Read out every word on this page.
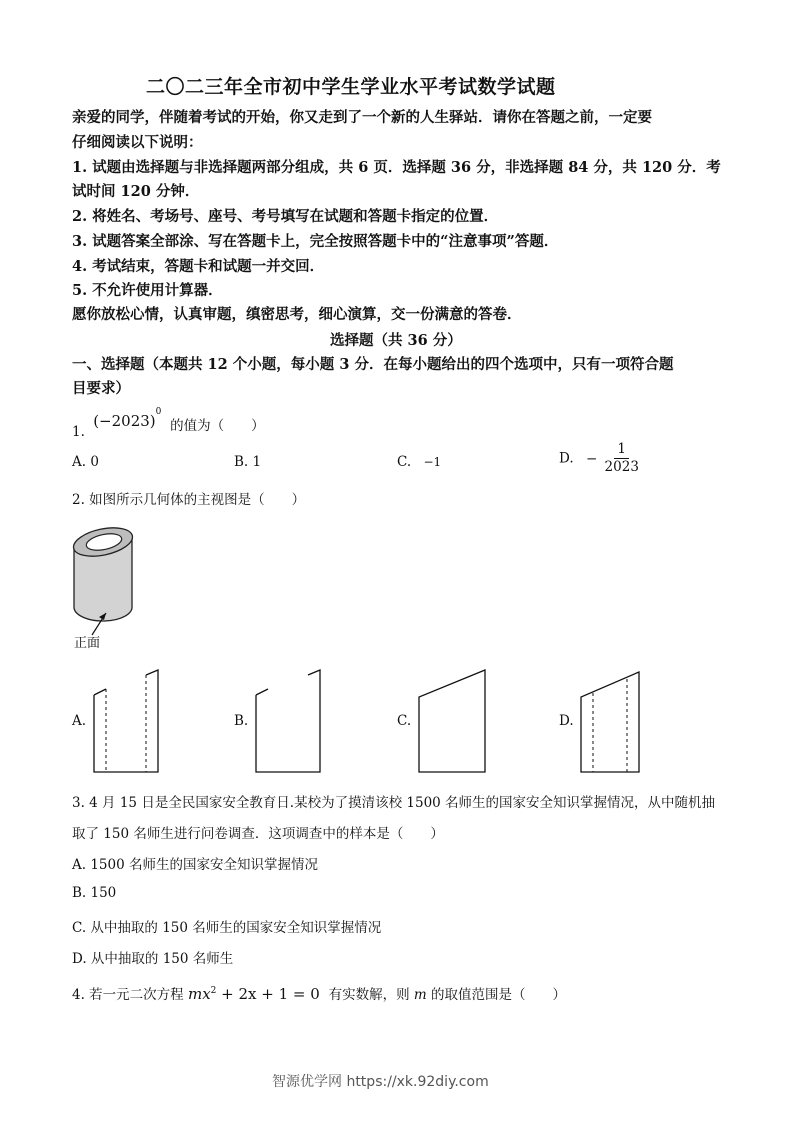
二〇二三年全市初中学生学业水平考试数学试题
亲爱的同学，伴随着考试的开始，你又走到了一个新的人生驿站．请你在答题之前，一定要
仔细阅读以下说明：
1. 试题由选择题与非选择题两部分组成，共 6 页．选择题 36 分，非选择题 84 分，共 120 分．考
试时间 120 分钟．
2. 将姓名、考场号、座号、考号填写在试题和答题卡指定的位置．
3. 试题答案全部涂、写在答题卡上，完全按照答题卡中的“注意事项”答题．
4. 考试结束，答题卡和试题一并交回．
5. 不允许使用计算器．
愿你放松心情，认真审题，缜密思考，细心演算，交一份满意的答卷．
选择题（共 36 分）
一、选择题（本题共 12 个小题，每小题 3 分．在每小题给出的四个选项中，只有一项符合题
目要求）
1. $(-2023)^0$ 的值为（　　）
A. 0	B. 1	C. −1	D. − $\frac{1}{2023}$
2. 如图所示几何体的主视图是（　　）
正面
A.	B.	C.	D.
3. 4 月 15 日是全民国家安全教育日.某校为了摸清该校 1500 名师生的国家安全知识掌握情况，从中随机抽
取了 150 名师生进行问卷调查．这项调查中的样本是（　　）
A. 1500 名师生的国家安全知识掌握情况
B. 150
C. 从中抽取的 150 名师生的国家安全知识掌握情况
D. 从中抽取的 150 名师生
4. 若一元二次方程 $mx^2 + 2x + 1 = 0$ 有实数解，则 m 的取值范围是（　　）
智源优学网 https://xk.92diy.com
